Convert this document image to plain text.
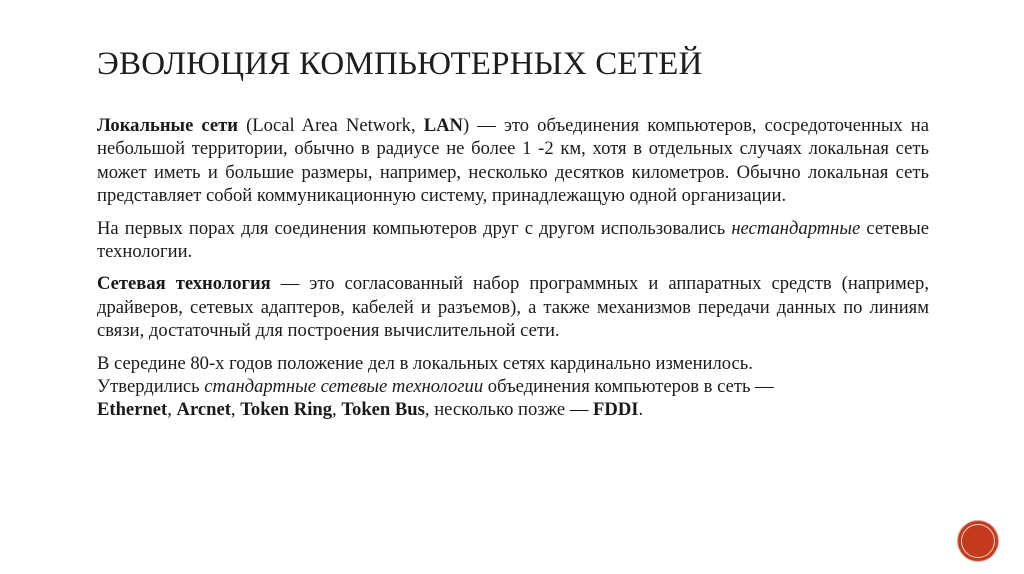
ЭВОЛЮЦИЯ КОМПЬЮТЕРНЫХ СЕТЕЙ

Локальные сети (Local Area Network, LAN) — это объединения компьютеров, сосредоточенных на небольшой территории, обычно в радиусе не более 1 -2 км, хотя в отдельных случаях локальная сеть может иметь и большие размеры, например, несколько десятков километров. Обычно локальная сеть представляет собой коммуникационную систему, принадлежащую одной организации.

На первых порах для соединения компьютеров друг с другом использовались нестандартные сетевые технологии.

Сетевая технология — это согласованный набор программных и аппаратных средств (например, драйверов, сетевых адаптеров, кабелей и разъемов), а также механизмов передачи данных по линиям связи, достаточный для построения вычислительной сети.

В середине 80-х годов положение дел в локальных сетях кардинально изменилось.
Утвердились стандартные сетевые технологии объединения компьютеров в сеть —
Ethernet, Arcnet, Token Ring, Token Bus, несколько позже — FDDI.
